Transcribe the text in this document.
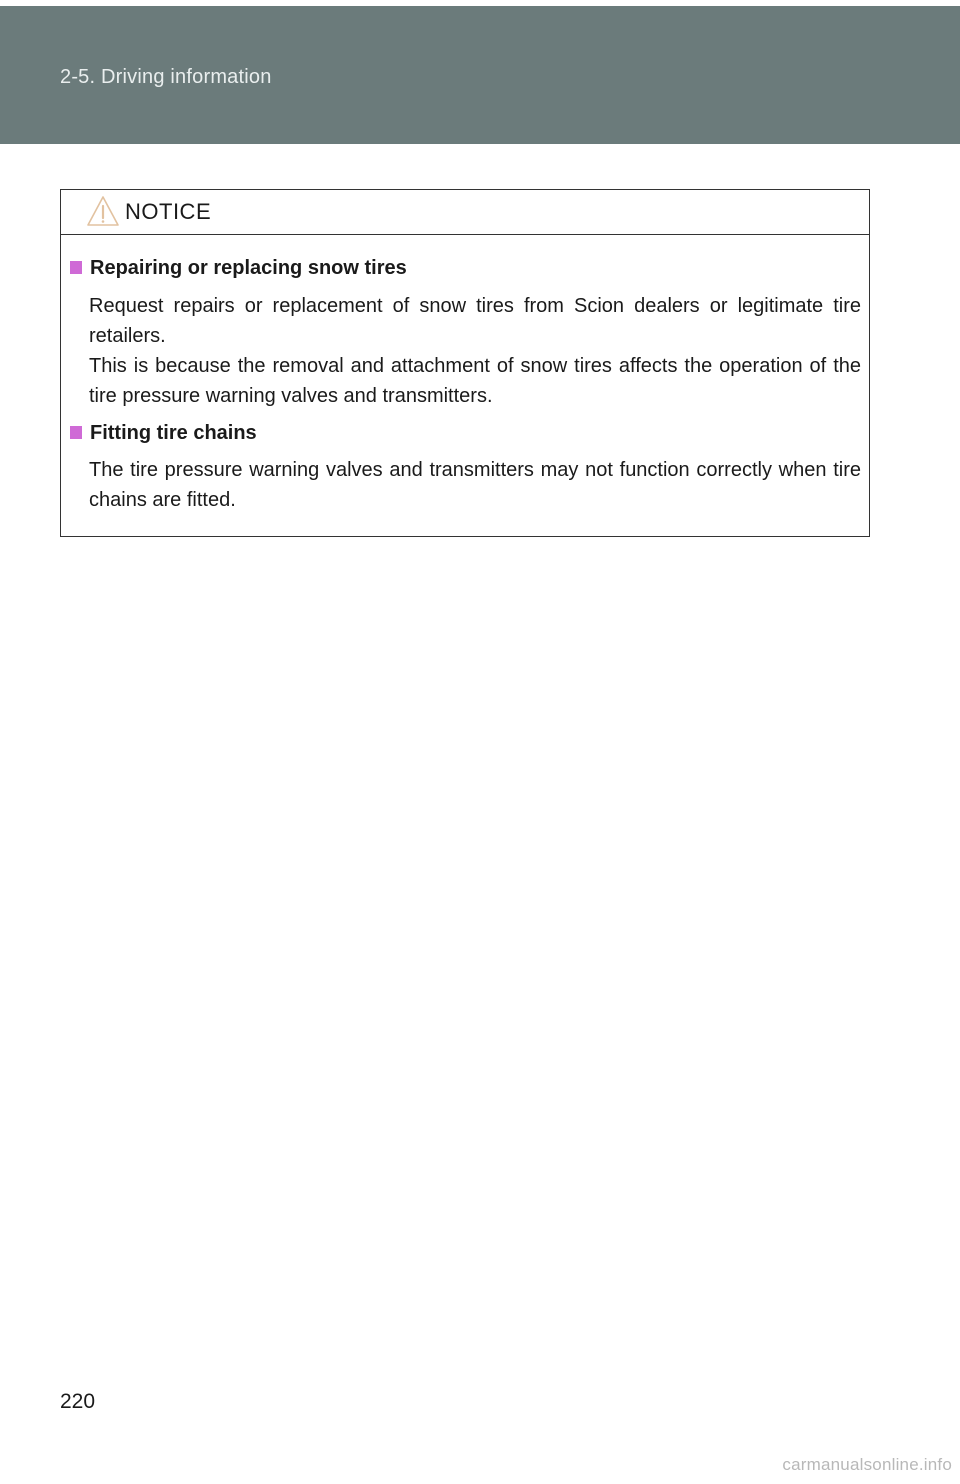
2-5. Driving information
NOTICE
Repairing or replacing snow tires
Request repairs or replacement of snow tires from Scion dealers or legitimate tire retailers.
This is because the removal and attachment of snow tires affects the operation of the tire pressure warning valves and transmitters.
Fitting tire chains
The tire pressure warning valves and transmitters may not function correctly when tire chains are fitted.
220
carmanualsonline.info
